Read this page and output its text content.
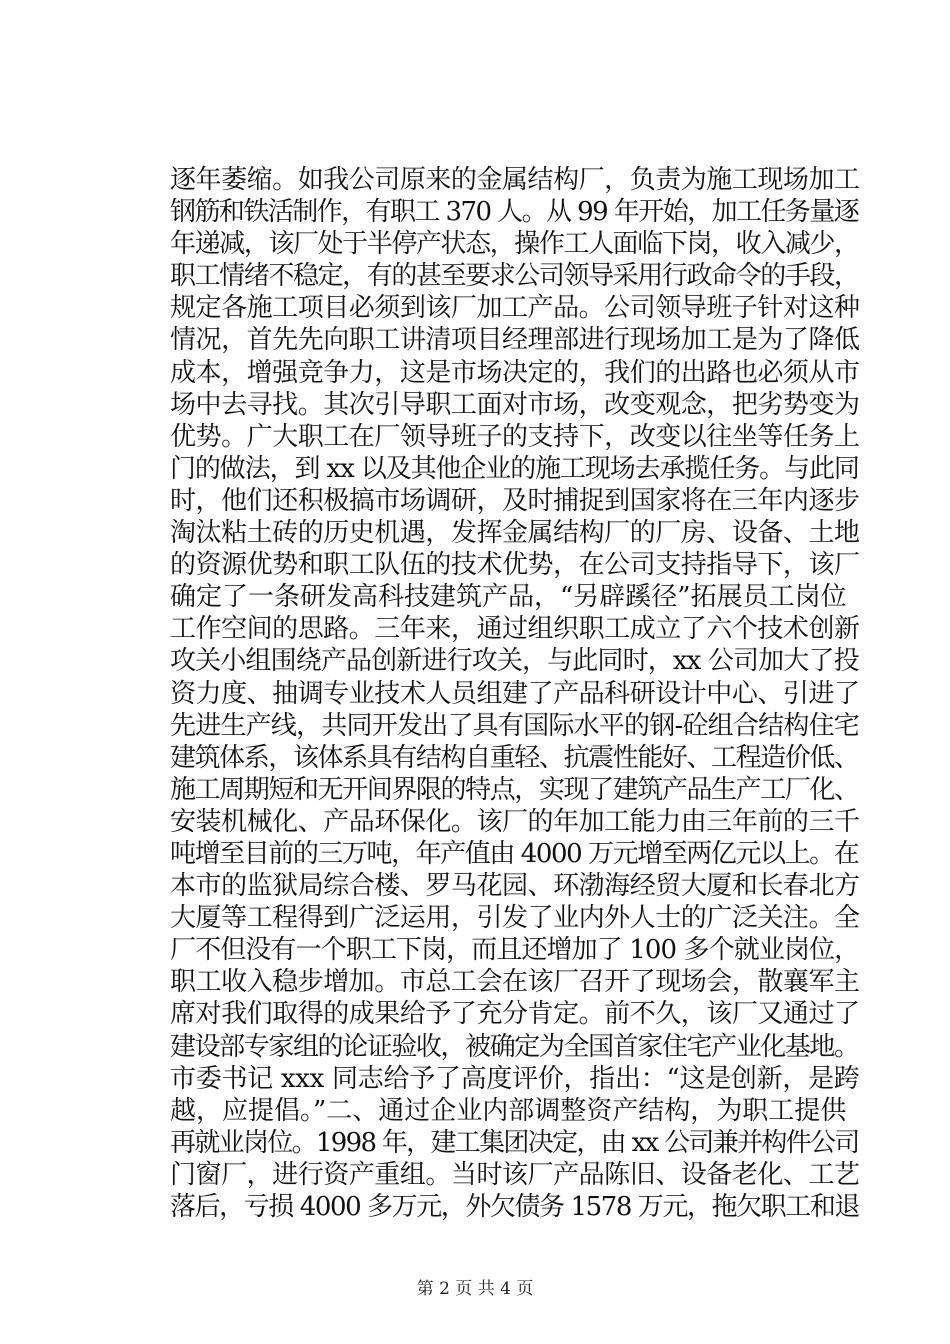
逐年萎缩。如我公司原来的金属结构厂，负责为施工现场加工
钢筋和铁活制作，有职工 370 人。从 99 年开始，加工任务量逐
年递减，该厂处于半停产状态，操作工人面临下岗，收入减少，
职工情绪不稳定，有的甚至要求公司领导采用行政命令的手段，
规定各施工项目必须到该厂加工产品。公司领导班子针对这种
情况，首先先向职工讲清项目经理部进行现场加工是为了降低
成本，增强竞争力，这是市场决定的，我们的出路也必须从市
场中去寻找。其次引导职工面对市场，改变观念，把劣势变为
优势。广大职工在厂领导班子的支持下，改变以往坐等任务上
门的做法，到 xx 以及其他企业的施工现场去承揽任务。与此同
时，他们还积极搞市场调研，及时捕捉到国家将在三年内逐步
淘汰粘土砖的历史机遇，发挥金属结构厂的厂房、设备、土地
的资源优势和职工队伍的技术优势，在公司支持指导下，该厂
确定了一条研发高科技建筑产品，“另辟蹊径”拓展员工岗位
工作空间的思路。三年来，通过组织职工成立了六个技术创新
攻关小组围绕产品创新进行攻关，与此同时，xx 公司加大了投
资力度、抽调专业技术人员组建了产品科研设计中心、引进了
先进生产线，共同开发出了具有国际水平的钢-砼组合结构住宅
建筑体系，该体系具有结构自重轻、抗震性能好、工程造价低、
施工周期短和无开间界限的特点，实现了建筑产品生产工厂化、
安装机械化、产品环保化。该厂的年加工能力由三年前的三千
吨增至目前的三万吨，年产值由 4000 万元增至两亿元以上。在
本市的监狱局综合楼、罗马花园、环渤海经贸大厦和长春北方
大厦等工程得到广泛运用，引发了业内外人士的广泛关注。全
厂不但没有一个职工下岗，而且还增加了 100 多个就业岗位，
职工收入稳步增加。市总工会在该厂召开了现场会，散襄军主
席对我们取得的成果给予了充分肯定。前不久，该厂又通过了
建设部专家组的论证验收，被确定为全国首家住宅产业化基地。
市委书记 xxx 同志给予了高度评价，指出：“这是创新，是跨
越，应提倡。”二、通过企业内部调整资产结构，为职工提供
再就业岗位。1998 年，建工集团决定，由 xx 公司兼并构件公司
门窗厂，进行资产重组。当时该厂产品陈旧、设备老化、工艺
落后，亏损 4000 多万元，外欠债务 1578 万元，拖欠职工和退
第 2 页 共 4 页
